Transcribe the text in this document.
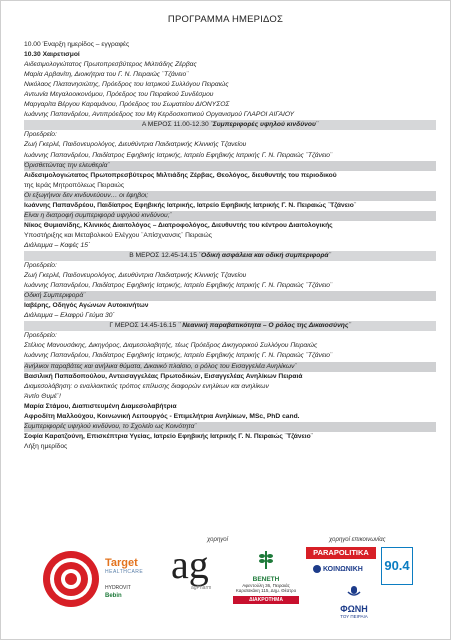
ΠΡΟΓΡΑΜΜΑ ΗΜΕΡΙΔΟΣ
10.00 Έναρξη ημερίδος – εγγραφές
10.30 Χαιρετισμοί
Αιδεσιμολογιώτατος Πρωτοπρεσβύτερος Μιλτιάδης Ζέρβας
Μαρία Αρβανίτη, Διοικήτρια του Γ. Ν. Πειραιώς ¨Τζάνειο¨
Νικόλαος Πλατανησιώτης, Πρόεδρος του Ιατρικού Συλλόγου Πειραιώς
Αντωνία Μεγαλοοικονόμου, Πρόεδρος του Πειραϊκού Συνδέσμου
Μαργαρίτα Βέργου Καραμάνου, Πρόεδρος του Σωματείου ΔΙΟΝΥΣΟΣ
Ιωάννης Παπανδρέου, Αντιπρόεδρος του Μη Κερδοσκοπικού Οργανισμού ΓΛΑΡΟΙ ΑΙΓΑΙΟΥ
Α ΜΕΡΟΣ 11.00-12.30 ¨Συμπεριφορές υψηλού κινδύνου¨
Προεδρείο:
Ζωή Γκερλέ, Παιδονευρολόγος, Διευθύντρια Παιδιατρικής Κλινικής Τζανείου
Ιωάννης Παπανδρέου, Παιδίατρος Εφηβικής Ιατρικής, Ιατρείο Εφηβικής Ιατρικής Γ. Ν. Πειραιώς ¨Τζάνειο¨
Όρισθετώντας την ελευθερία¨
Αιδεσιμολογιώτατος Πρωτοπρεσβύτερος Μιλτιάδης Ζέρβας, Θεολόγος, διευθυντής του περιοδικού
της Ιεράς Μητροπόλεως Πειραιώς
Οι εξωγήινοι δεν κινδυνεύουν… οι έφηβοι;
Ιωάννης Παπανδρέου, Παιδίατρος Εφηβικής Ιατρικής, Ιατρείο Εφηβικής Ιατρικής Γ. Ν. Πειραιώς ¨Τζάνειο¨
Είναι η διατροφή συμπεριφορά υψηλού κινδύνου;¨
Νίκος Θυμιανίδης, Κλινικός Διαιτολόγος – Διατροφολόγος, Διευθυντής του κέντρου Διαιτολογικής
Υποστήριξης και Μεταβολικού Ελέγχου ¨Απίσχνανσις¨ Πειραιώς
Διάλειμμα – Καφές 15΄
Β ΜΕΡΟΣ 12.45-14.15 ¨Οδική ασφάλεια και οδική συμπεριφορά¨
Προεδρείο:
Ζωή Γκερλέ, Παιδονευρολόγος, Διευθύντρια Παιδιατρικής Κλινικής Τζανείου
Ιωάννης Παπανδρέου, Παιδίατρος Εφηβικής Ιατρικής, Ιατρείο Εφηβικής Ιατρικής Γ. Ν. Πειραιώς ¨Τζάνειο¨
Οδική Συμπεριφορά¨
Ιαβέρης, Οδηγός Αγώνων Αυτοκινήτων
Διάλειμμα – Ελαφρύ Γεύμα 30΄
Γ ΜΕΡΟΣ 14.45-16.15 ¨ Νεανική παραβατικότητα – Ο ρόλος της Δικαιοσύνης¨
Προεδρείο:
Στέλιος Μανουσάκης, Δικηγόρος, Διαμεσολαβητής, τέως Πρόεδρος Δικηγορικού Συλλόγου Πειραιώς
Ιωάννης Παπανδρέου, Παιδίατρος Εφηβικής Ιατρικής, Ιατρείο Εφηβικής Ιατρικής Γ. Ν. Πειραιώς ¨Τζάνειο¨
Ανήλικοι παραβάτες και ανήλικα θύματα, Δικαιικό πλαίσιο, ο ρόλος του Εισαγγελέα Ανηλίκων¨
Βασιλική Παπαδοπούλου, Αντεισαγγελέας Πρωτοδικών, Εισαγγελέας Ανηλίκων Πειραιά
Διαμεσολάβηση: ο εναλλακτικός τρόπος επίλυσης διαφορών ενηλίκων και ανηλίκων
Άντίο Θυμέ¨!
Μαρία Στάμου, Διαπιστευμένη Διαμεσολαβήτρια
Αφροδίτη Μαλλούχου, Κοινωνική Λειτουργός - Επιμελήτρια Ανηλίκων, MSc, PhD cand.
Συμπεριφορές υψηλού κινδύνου, το Σχολείο ως Κοινότητα¨
Σοφία Καρατζούνη, Επισκέπτρια Υγείας, Ιατρείο Εφηβικής Ιατρικής Γ. Ν. Πειραιώς ¨Τζάνειο¨
Λήξη ημερίδος
χορηγοί	χορηγοί επικοινωνίας
Target
HEALTHCARE
HYDROVIT
Bebin
ag
agPharm
ΒΕΝΕΤΗ
Αφεντούλη 36, Πειραιάς
Καραϊσκάκη 115, Δημ. Θέατρο
ΔΙΑΚΡΟΤΗΜΑ
PARAPOLITIKA
ΚΟΙΝΩΝΙΚΗ	90.4
ΦΩΝΗ
ΤΟΥ ΠΕΙΡΑΙΑ
